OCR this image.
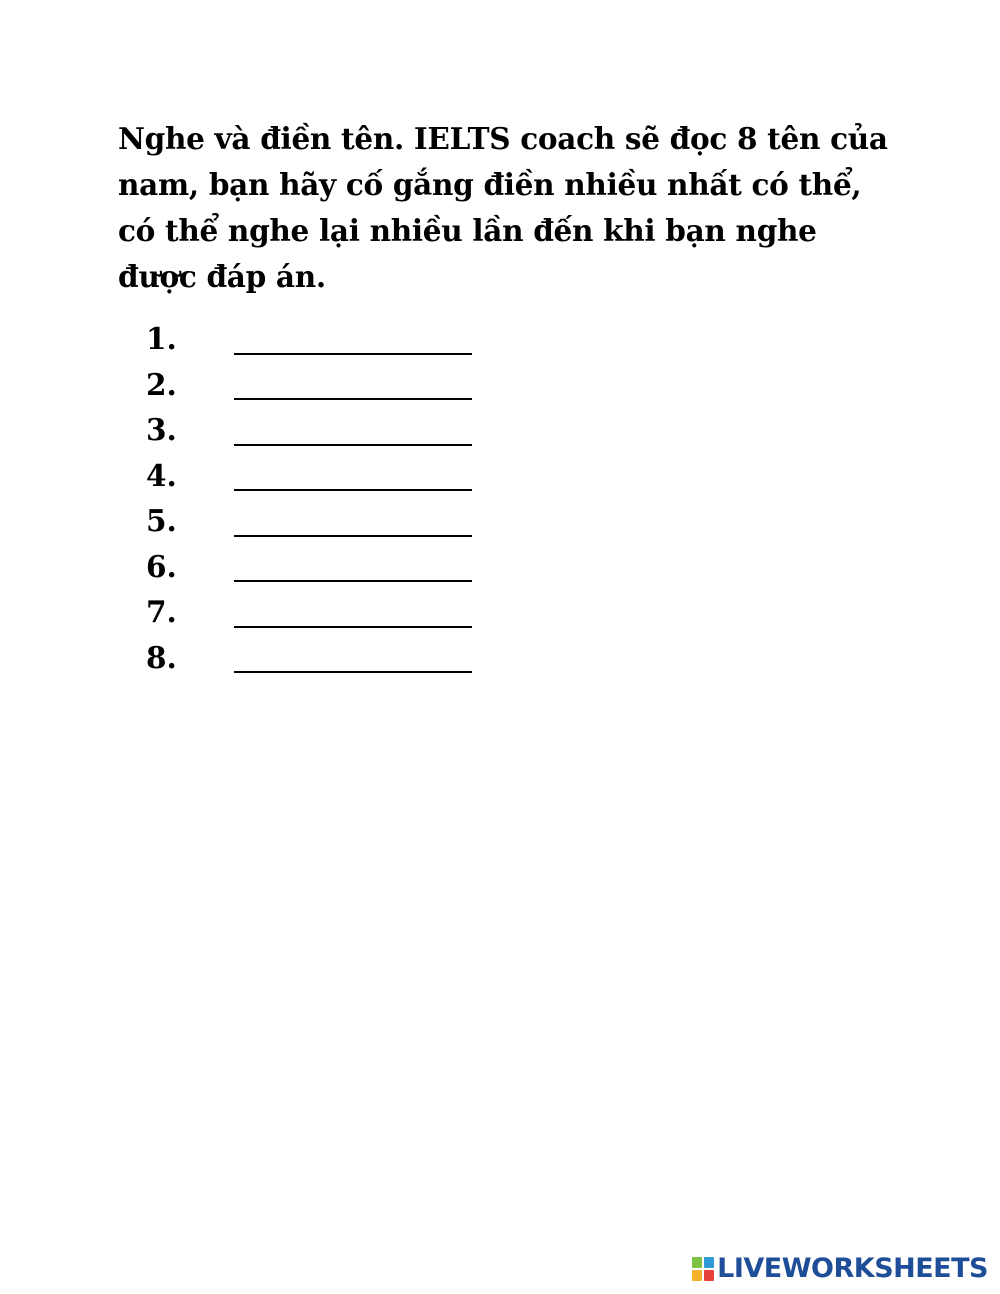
Nghe và điền tên. IELTS coach sẽ đọc 8 tên của nam, bạn hãy cố gắng điền nhiều nhất có thể, có thể nghe lại nhiều lần đến khi bạn nghe được đáp án.
1.
2.
3.
4.
5.
6.
7.
8.
LIVEWORKSHEETS
